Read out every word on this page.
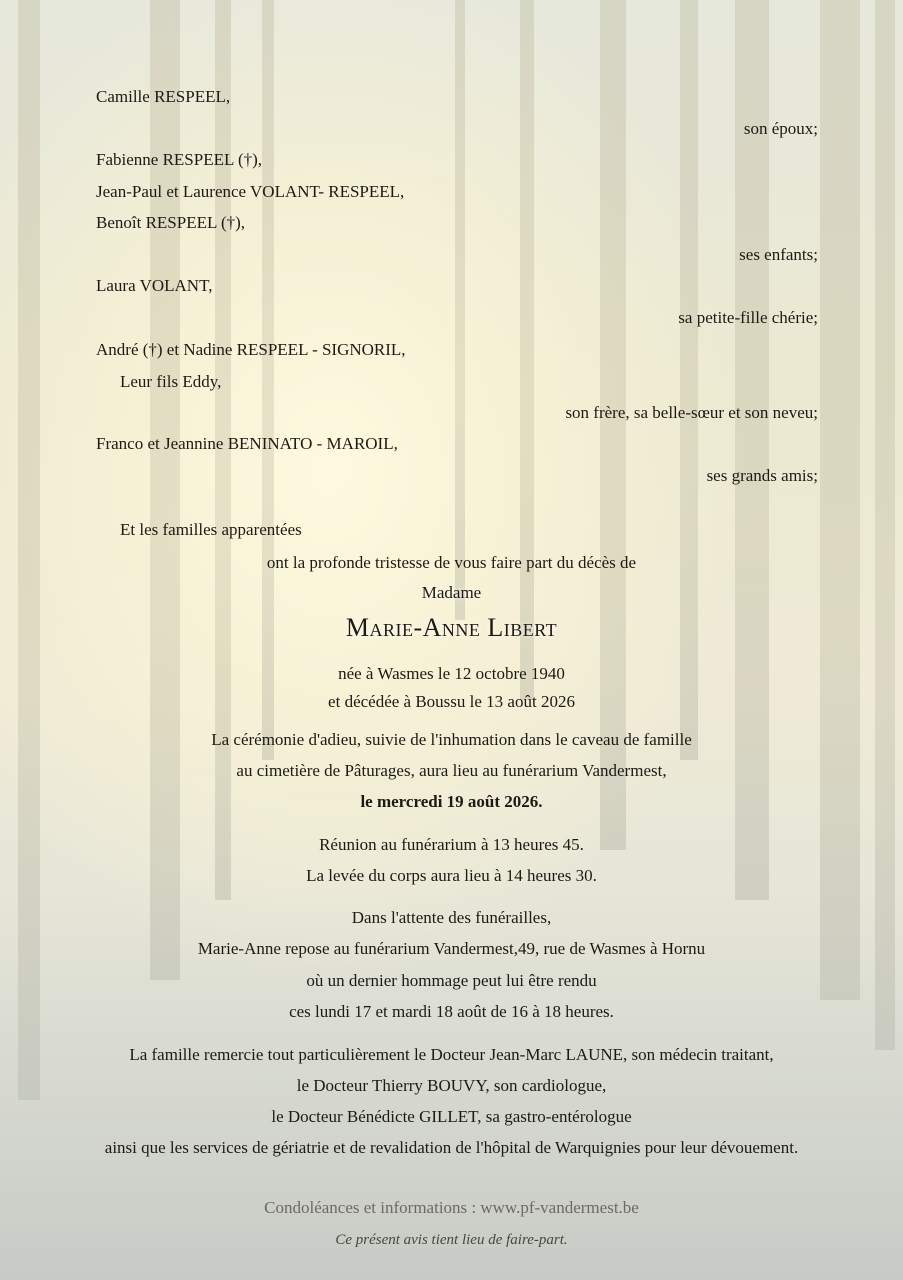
Camille RESPEEL,
son époux;
Fabienne RESPEEL (†),
Jean-Paul et Laurence VOLANT- RESPEEL,
Benoît RESPEEL (†),
ses enfants;
Laura VOLANT,
sa petite-fille chérie;
André (†) et Nadine RESPEEL - SIGNORIL,
Leur fils Eddy,
son frère, sa belle-sœur et son neveu;
Franco et Jeannine BENINATO - MAROIL,
ses grands amis;
Et les familles apparentées
ont la profonde tristesse de vous faire part du décès de
Madame
Marie-Anne Libert
née à Wasmes le 12 octobre 1940
et décédée à Boussu le 13 août 2026
La cérémonie d'adieu, suivie de l'inhumation dans le caveau de famille
au cimetière de Pâturages, aura lieu au funérarium Vandermest,
le mercredi 19 août 2026.
Réunion au funérarium à 13 heures 45.
La levée du corps aura lieu à 14 heures 30.
Dans l'attente des funérailles,
Marie-Anne repose au funérarium Vandermest,49, rue de Wasmes à Hornu
où un dernier hommage peut lui être rendu
ces lundi 17 et mardi 18 août de 16 à 18 heures.
La famille remercie tout particulièrement le Docteur Jean-Marc LAUNE, son médecin traitant,
le Docteur Thierry BOUVY, son cardiologue,
le Docteur Bénédicte GILLET, sa gastro-entérologue
ainsi que les services de gériatrie et de revalidation de l'hôpital de Warquignies pour leur dévouement.
Condoléances et informations : www.pf-vandermest.be
Ce présent avis tient lieu de faire-part.
